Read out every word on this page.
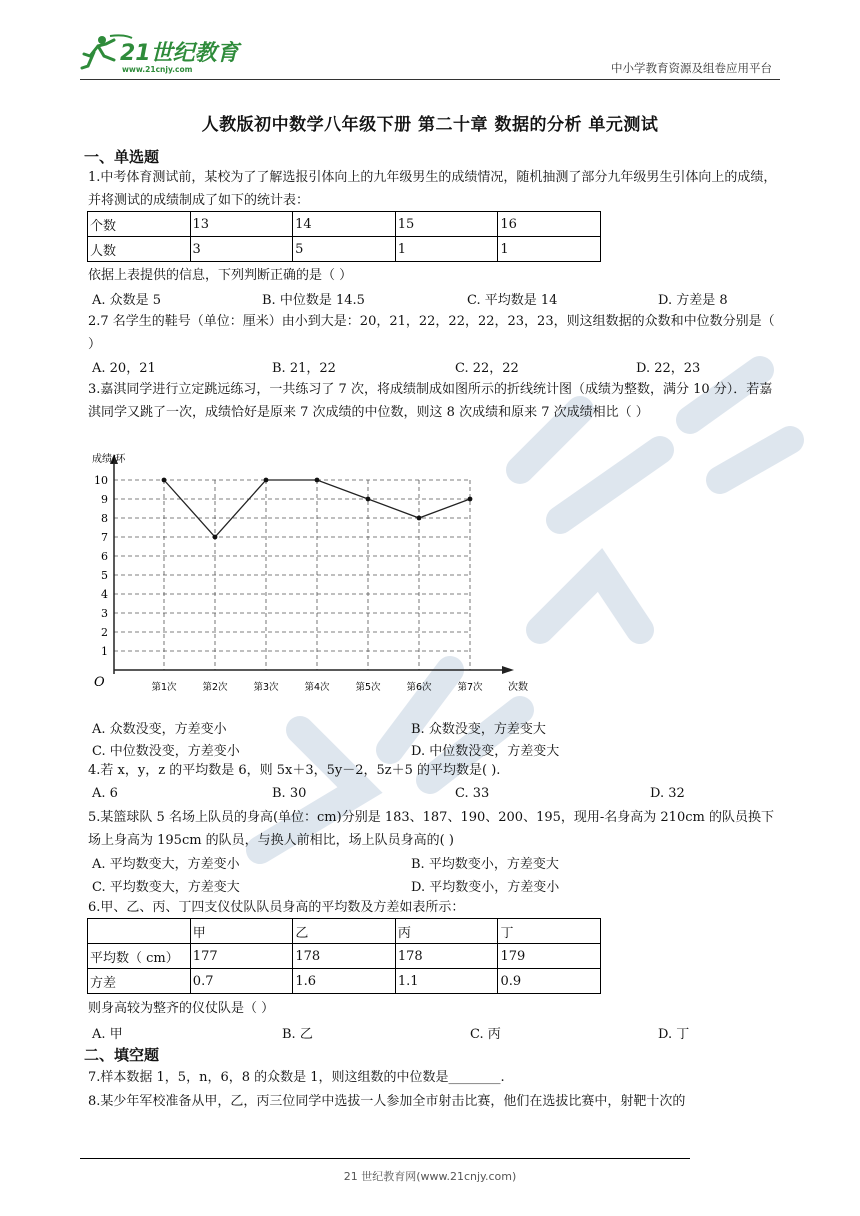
21世纪教育
www.21cnjy.com	中小学教育资源及组卷应用平台
人教版初中数学八年级下册 第二十章 数据的分析 单元测试
一、单选题
1.中考体育测试前，某校为了了解选报引体向上的九年级男生的成绩情况，随机抽测了部分九年级男生引体向上的成绩，并将测试的成绩制成了如下的统计表：
个数	13	14	15	16
人数	3	5	1	1
依据上表提供的信息，下列判断正确的是（ ）
A. 众数是 5	B. 中位数是 14.5	C. 平均数是 14	D. 方差是 8
2.7 名学生的鞋号（单位：厘米）由小到大是：20，21，22，22，22，23，23，则这组数据的众数和中位数分别是（ ）
A. 20，21	B. 21，22	C. 22，22	D. 22，23
3.嘉淇同学进行立定跳远练习，一共练习了 7 次，将成绩制成如图所示的折线统计图（成绩为整数，满分 10 分）．若嘉淇同学又跳了一次，成绩恰好是原来 7 次成绩的中位数，则这 8 次成绩和原来 7 次成绩相比（ ）
1
2
3
4
5
6
7
8
9
10
第1次	第2次	第3次	第4次	第5次	第6次	第7次
成绩/环
次数
O
A. 众数没变，方差变小	B. 众数没变，方差变大
C. 中位数没变，方差变小	D. 中位数没变，方差变大
4.若 x，y，z 的平均数是 6，则 5x＋3，5y－2，5z＋5 的平均数是( ).
A. 6	B. 30	C. 33	D. 32
5.某篮球队 5 名场上队员的身高(单位：cm)分别是 183、187、190、200、195，现用-名身高为 210cm 的队员换下场上身高为 195cm 的队员，与换人前相比，场上队员身高的( )
A. 平均数变大，方差变小	B. 平均数变小，方差变大
C. 平均数变大，方差变大	D. 平均数变小，方差变小
6.甲、乙、丙、丁四支仪仗队队员身高的平均数及方差如表所示：
	甲	乙	丙	丁
平均数（ cm）	177	178	178	179
方差	0.7	1.6	1.1	0.9
则身高较为整齐的仪仗队是（ ）
A. 甲	B. 乙	C. 丙	D. 丁
二、填空题
7.样本数据 1，5，n，6，8 的众数是 1，则这组数的中位数是________.
8.某少年军校准备从甲，乙，丙三位同学中选拔一人参加全市射击比赛，他们在选拔比赛中，射靶十次的
21 世纪教育网(www.21cnjy.com)
